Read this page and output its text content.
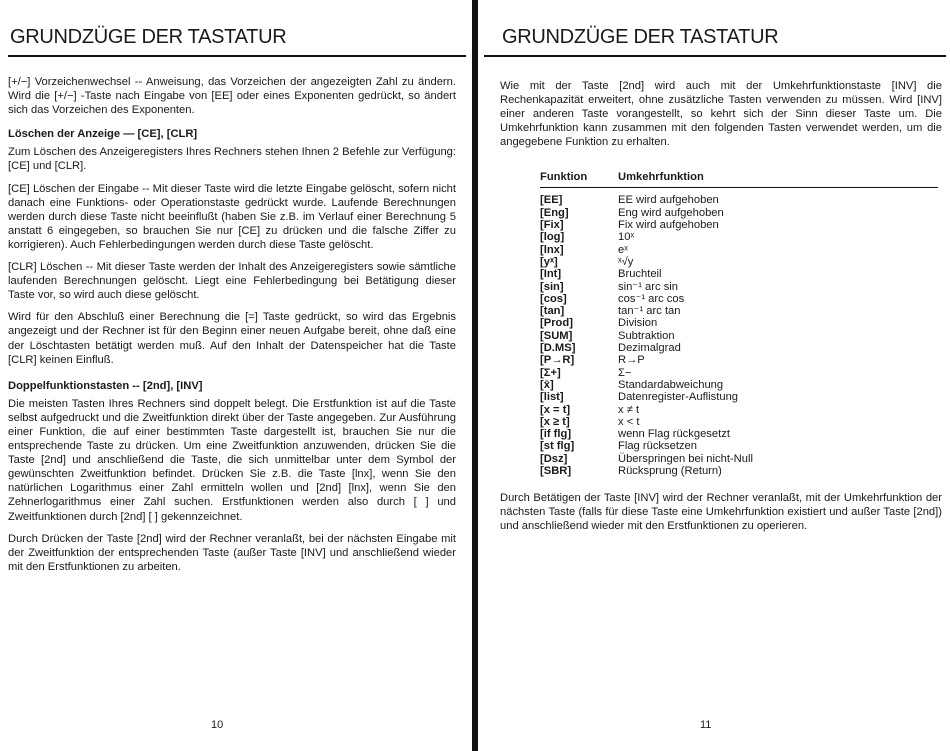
GRUNDZÜGE DER TASTATUR

[+/−] Vorzeichenwechsel -- Anweisung, das Vorzeichen der angezeigten Zahl zu ändern. Wird die [+/−] -Taste nach Eingabe von [EE] oder eines Exponenten gedrückt, so ändert sich das Vorzeichen des Exponenten.

Löschen der Anzeige — [CE], [CLR]

Zum Löschen des Anzeigeregisters Ihres Rechners stehen Ihnen 2 Befehle zur Verfügung: [CE] und [CLR].

[CE] Löschen der Eingabe -- Mit dieser Taste wird die letzte Eingabe gelöscht, sofern nicht danach eine Funktions- oder Operationstaste gedrückt wurde. Laufende Berechnungen werden durch diese Taste nicht beeinflußt (haben Sie z.B. im Verlauf einer Berechnung 5 anstatt 6 eingegeben, so brauchen Sie nur [CE] zu drücken und die falsche Ziffer zu korrigieren). Auch Fehlerbedingungen werden durch diese Taste gelöscht.

[CLR] Löschen -- Mit dieser Taste werden der Inhalt des Anzeigeregisters sowie sämtliche laufenden Berechnungen gelöscht. Liegt eine Fehlerbedingung bei Betätigung dieser Taste vor, so wird auch diese gelöscht.

Wird für den Abschluß einer Berechnung die [=] Taste gedrückt, so wird das Ergebnis angezeigt und der Rechner ist für den Beginn einer neuen Aufgabe bereit, ohne daß eine der Löschtasten betätigt werden muß. Auf den Inhalt der Datenspeicher hat die Taste [CLR] keinen Einfluß.

Doppelfunktionstasten -- [2nd], [INV]

Die meisten Tasten Ihres Rechners sind doppelt belegt. Die Erstfunktion ist auf die Taste selbst aufgedruckt und die Zweitfunktion direkt über der Taste angegeben. Zur Ausführung einer Funktion, die auf einer bestimmten Taste dargestellt ist, brauchen Sie nur die entsprechende Taste zu drücken. Um eine Zweitfunktion anzuwenden, drücken Sie die Taste [2nd] und anschließend die Taste, die sich unmittelbar unter dem Symbol der gewünschten Zweitfunktion befindet. Drücken Sie z.B. die Taste [lnx], wenn Sie den natürlichen Logarithmus einer Zahl ermitteln wollen und [2nd] [lnx], wenn Sie den Zehnerlogarithmus einer Zahl suchen. Erstfunktionen werden also durch [ ] und Zweitfunktionen durch [2nd] [ ] gekennzeichnet.

Durch Drücken der Taste [2nd] wird der Rechner veranlaßt, bei der nächsten Eingabe mit der Zweitfunktion der entsprechenden Taste (außer Taste [INV] und anschließend wieder mit den Erstfunktionen zu arbeiten.

10
GRUNDZÜGE DER TASTATUR

Wie mit der Taste [2nd] wird auch mit der Umkehrfunktionstaste [INV] die Rechenkapazität erweitert, ohne zusätzliche Tasten verwenden zu müssen. Wird [INV] einer anderen Taste vorangestellt, so kehrt sich der Sinn dieser Taste um. Die Umkehrfunktion kann zusammen mit den folgenden Tasten verwendet werden, um die angegebene Funktion zu erhalten.

Funktion	Umkehrfunktion

[EE]	EE wird aufgehoben
[Eng]	Eng wird aufgehoben
[Fix]	Fix wird aufgehoben
[log]	10ˣ
[lnx]	eˣ
[yˣ]	ˣ√y
[Int]	Bruchteil
[sin]	sin⁻¹ arc sin
[cos]	cos⁻¹ arc cos
[tan]	tan⁻¹ arc tan
[Prod]	Division
[SUM]	Subtraktion
[D.MS]	Dezimalgrad
[P→R]	R→P
[Σ+]	Σ−
[x̄]	Standardabweichung
[list]	Datenregister-Auflistung
[x = t]	x ≠ t
[x ≥ t]	x < t
[if flg]	wenn Flag rückgesetzt
[st flg]	Flag rücksetzen
[Dsz]	Überspringen bei nicht-Null
[SBR]	Rücksprung (Return)

Durch Betätigen der Taste [INV] wird der Rechner veranlaßt, mit der Umkehrfunktion der nächsten Taste (falls für diese Taste eine Umkehrfunktion existiert und außer Taste [2nd]) und anschließend wieder mit den Erstfunktionen zu operieren.

11
